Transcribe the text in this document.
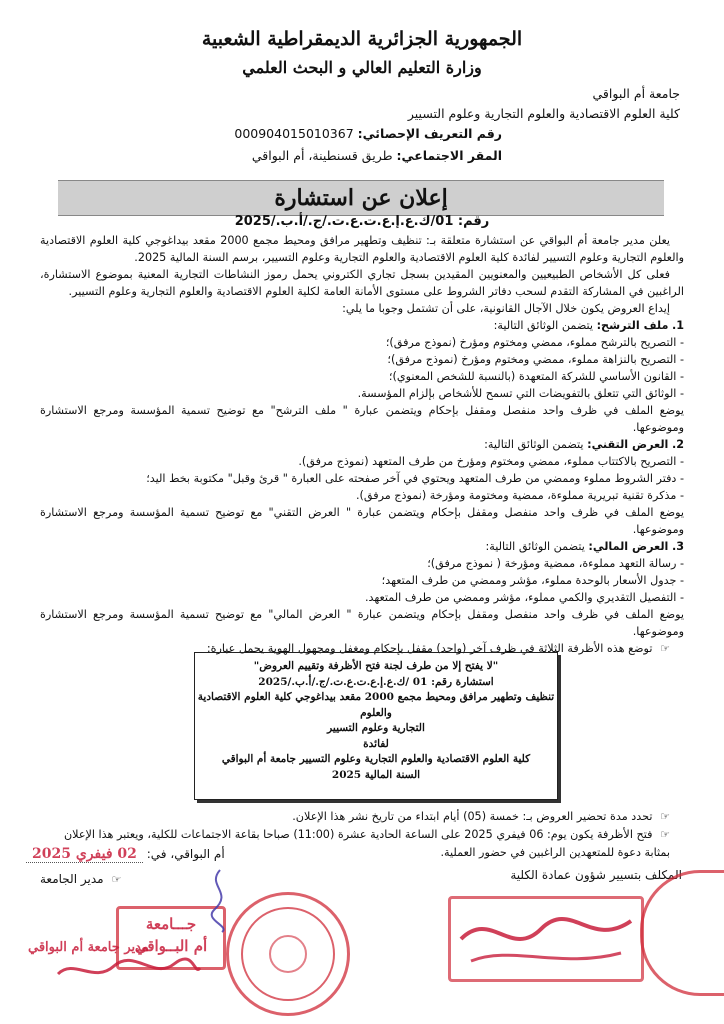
الجمهورية الجزائرية الديمقراطية الشعبية
وزارة التعليم العالي و البحث العلمي
جامعة أم البواقي
كلية العلوم الاقتصادية والعلوم التجارية وعلوم التسيير
رقم التعريف الإحصائي: 000904015010367
المقر الاجتماعي: طريق قسنطينة، أم البواقي
إعلان عن استشارة
رقم: 01/ك.ع.إ.ع.ت.ع.ت./ج./أ.ب./2025

يعلن مدير جامعة أم البواقي عن استشارة متعلقة بـ: تنظيف وتطهير مرافق ومحيط مجمع 2000 مقعد بيداغوجي كلية العلوم الاقتصادية والعلوم التجارية وعلوم التسيير لفائدة كلية العلوم الاقتصادية والعلوم التجارية وعلوم التسيير، برسم السنة المالية 2025.

فعلى كل الأشخاص الطبيعيين والمعنويين المقيدين بسجل تجاري الكتروني يحمل رموز النشاطات التجارية المعنية بموضوع الاستشارة، الراغبين في المشاركة التقدم لسحب دفاتر الشروط على مستوى الأمانة العامة لكلية العلوم الاقتصادية والعلوم التجارية وعلوم التسيير.

إيداع العروض يكون خلال الآجال القانونية، على أن تشتمل وجوبا ما يلي:

1. ملف الترشح: يتضمن الوثائق التالية:

- التصريح بالترشح مملوء، ممضي ومختوم ومؤرخ (نموذج مرفق)؛

- التصريح بالنزاهة مملوء، ممضي ومختوم ومؤرخ (نموذج مرفق)؛

- القانون الأساسي للشركة المتعهدة (بالنسبة للشخص المعنوي)؛

- الوثائق التي تتعلق بالتفويضات التي تسمح للأشخاص بإلزام المؤسسة.

يوضع الملف في ظرف واحد منفصل ومقفل بإحكام ويتضمن عبارة " ملف الترشح" مع توضيح تسمية المؤسسة ومرجع الاستشارة وموضوعها.

2. العرض التقني: يتضمن الوثائق التالية:

- التصريح بالاكتتاب مملوء، ممضي ومختوم ومؤرخ من طرف المتعهد (نموذج مرفق).

- دفتر الشروط مملوء وممضي من طرف المتعهد ويحتوي في آخر صفحته على العبارة " قرئ وقبل" مكتوبة بخط اليد؛

- مذكرة تقنية تبريرية مملوءة، ممضية ومختومة ومؤرخة (نموذج مرفق).

يوضع الملف في ظرف واحد منفصل ومقفل بإحكام ويتضمن عبارة " العرض التقني" مع توضيح تسمية المؤسسة ومرجع الاستشارة وموضوعها.

3. العرض المالي: يتضمن الوثائق التالية:

- رسالة التعهد مملوءة، ممضية ومؤرخة ( نموذج مرفق)؛

- جدول الأسعار بالوحدة مملوء، مؤشر وممضي من طرف المتعهد؛

- التفصيل التقديري والكمي مملوء، مؤشر وممضي من طرف المتعهد.

يوضع الملف في ظرف واحد منفصل ومقفل بإحكام ويتضمن عبارة " العرض المالي" مع توضيح تسمية المؤسسة ومرجع الاستشارة وموضوعها.

☞ توضع هذه الأظرفة الثلاثة في ظرف آخر (واحد) مقفل بإحكام ومغفل ومجهول الهوية يحمل عبارة:

"لا يفتح إلا من طرف لجنة فتح الأظرفة وتقييم العروض"

استشارة رقم: 01 /ك.ع.إ.ع.ت.ع.ت./ج./أ.ب./2025

تنظيف وتطهير مرافق ومحيط مجمع 2000 مقعد بيداغوجي كلية العلوم الاقتصادية والعلوم

التجارية وعلوم التسيير

لفائدة

كلية العلوم الاقتصادية والعلوم التجارية وعلوم التسيير جامعة أم البواقي

السنة المالية 2025

☞ تحدد مدة تحضير العروض بـ: خمسة (05) أيام ابتداء من تاريخ نشر هذا الإعلان.

☞ فتح الأظرفة يكون يوم: 06 فيفري 2025 على الساعة الحادية عشرة (11:00) صباحا بقاعة الاجتماعات للكلية، ويعتبر هذا الإعلان بمثابة دعوة للمتعهدين الراغبين في حضور العملية.

أم البواقي، في: 02 فيفري 2025
☞ مدير الجامعة	المكلف بتسيير شؤون عمادة الكلية
جـــامعة
أم البــواقي
مدير جامعة أم البواقي
